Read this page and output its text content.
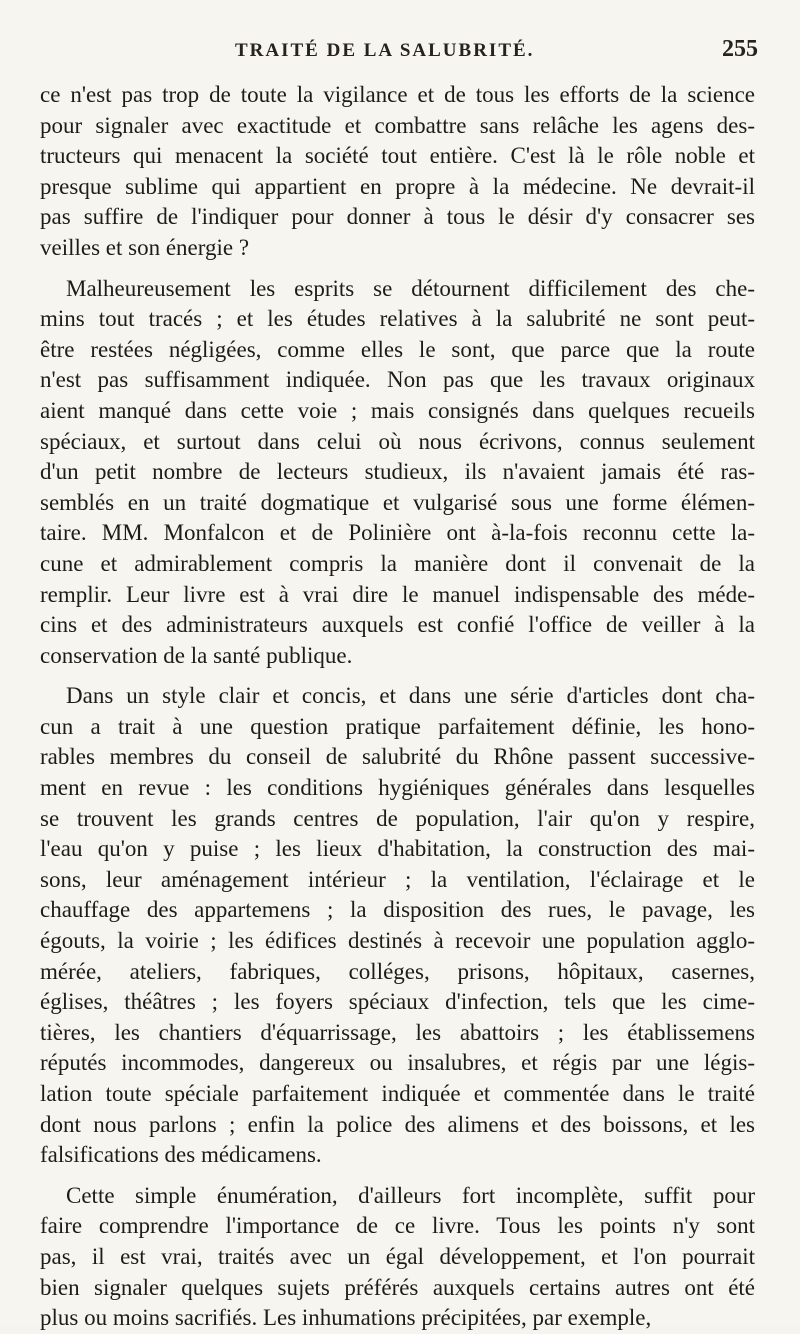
TRAITÉ DE LA SALUBRITÉ.	255
ce n'est pas trop de toute la vigilance et de tous les efforts de la science
pour signaler avec exactitude et combattre sans relâche les agens des-
tructeurs qui menacent la société tout entière. C'est là le rôle noble et
presque sublime qui appartient en propre à la médecine. Ne devrait-il
pas suffire de l'indiquer pour donner à tous le désir d'y consacrer ses
veilles et son énergie ?
Malheureusement les esprits se détournent difficilement des che-
mins tout tracés ; et les études relatives à la salubrité ne sont peut-
être restées négligées, comme elles le sont, que parce que la route
n'est pas suffisamment indiquée. Non pas que les travaux originaux
aient manqué dans cette voie ; mais consignés dans quelques recueils
spéciaux, et surtout dans celui où nous écrivons, connus seulement
d'un petit nombre de lecteurs studieux, ils n'avaient jamais été ras-
semblés en un traité dogmatique et vulgarisé sous une forme élémen-
taire. MM. Monfalcon et de Polinière ont à-la-fois reconnu cette la-
cune et admirablement compris la manière dont il convenait de la
remplir. Leur livre est à vrai dire le manuel indispensable des méde-
cins et des administrateurs auxquels est confié l'office de veiller à la
conservation de la santé publique.
Dans un style clair et concis, et dans une série d'articles dont cha-
cun a trait à une question pratique parfaitement définie, les hono-
rables membres du conseil de salubrité du Rhône passent successive-
ment en revue : les conditions hygiéniques générales dans lesquelles
se trouvent les grands centres de population, l'air qu'on y respire,
l'eau qu'on y puise ; les lieux d'habitation, la construction des mai-
sons, leur aménagement intérieur ; la ventilation, l'éclairage et le
chauffage des appartemens ; la disposition des rues, le pavage, les
égouts, la voirie ; les édifices destinés à recevoir une population agglo-
mérée, ateliers, fabriques, colléges, prisons, hôpitaux, casernes,
églises, théâtres ; les foyers spéciaux d'infection, tels que les cime-
tières, les chantiers d'équarrissage, les abattoirs ; les établissemens
réputés incommodes, dangereux ou insalubres, et régis par une légis-
lation toute spéciale parfaitement indiquée et commentée dans le traité
dont nous parlons ; enfin la police des alimens et des boissons, et les
falsifications des médicamens.
Cette simple énumération, d'ailleurs fort incomplète, suffit pour
faire comprendre l'importance de ce livre. Tous les points n'y sont
pas, il est vrai, traités avec un égal développement, et l'on pourrait
bien signaler quelques sujets préférés auxquels certains autres ont été
plus ou moins sacrifiés. Les inhumations précipitées, par exemple,
